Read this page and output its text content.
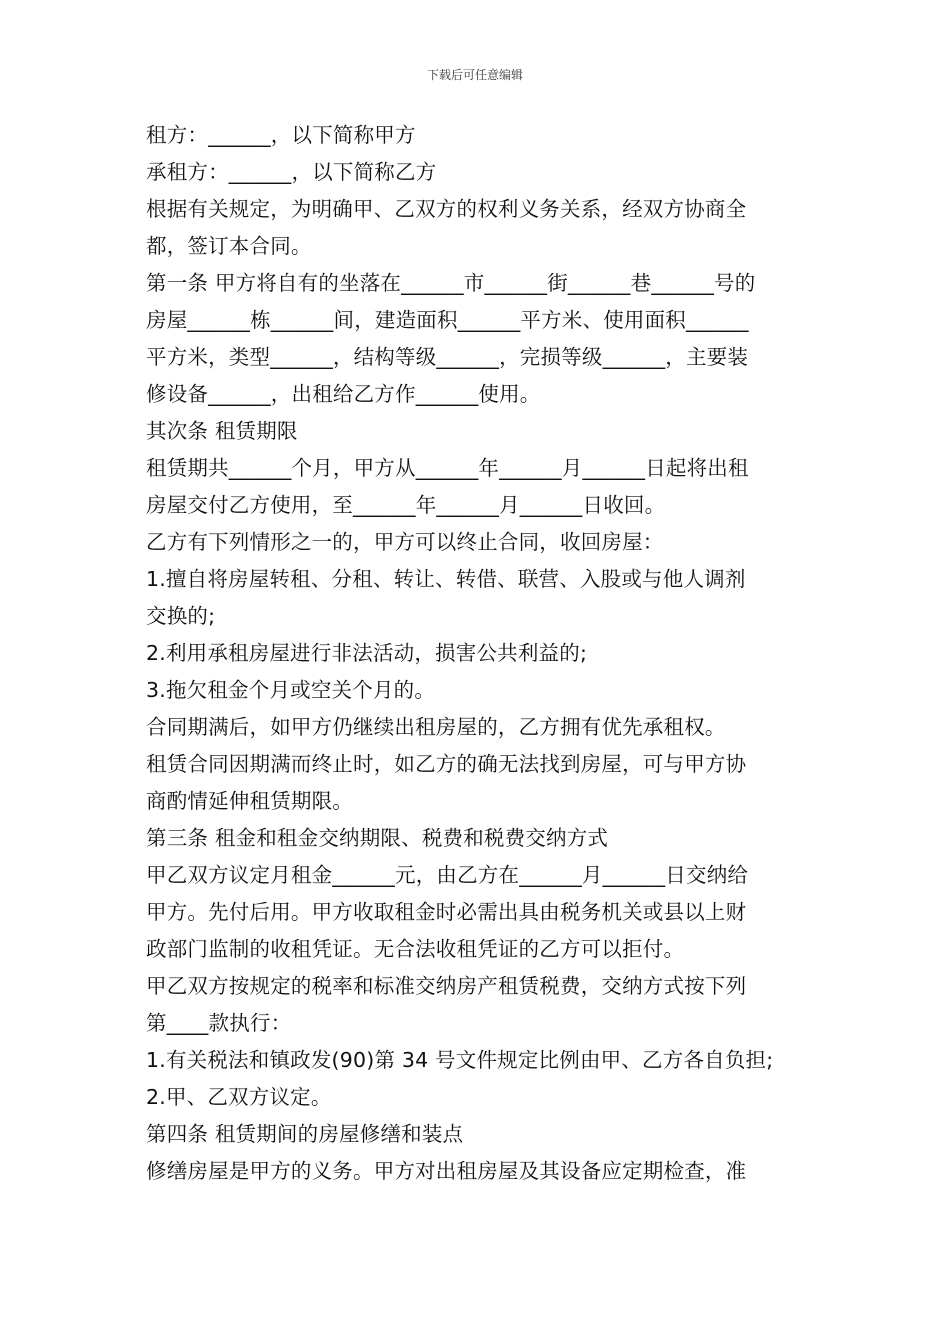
下载后可任意编辑
租方：______，以下简称甲方
承租方：______，以下简称乙方
根据有关规定，为明确甲、乙双方的权利义务关系，经双方协商全
都，签订本合同。
第一条 甲方将自有的坐落在______市______街______巷______号的
房屋______栋______间，建造面积______平方米、使用面积______
平方米，类型______，结构等级______，完损等级______，主要装
修设备______，出租给乙方作______使用。
其次条 租赁期限
租赁期共______个月，甲方从______年______月______日起将出租
房屋交付乙方使用，至______年______月______日收回。
乙方有下列情形之一的，甲方可以终止合同，收回房屋：
1.擅自将房屋转租、分租、转让、转借、联营、入股或与他人调剂
交换的;
2.利用承租房屋进行非法活动，损害公共利益的;
3.拖欠租金个月或空关个月的。
合同期满后，如甲方仍继续出租房屋的，乙方拥有优先承租权。
租赁合同因期满而终止时，如乙方的确无法找到房屋，可与甲方协
商酌情延伸租赁期限。
第三条 租金和租金交纳期限、税费和税费交纳方式
甲乙双方议定月租金______元，由乙方在______月______日交纳给
甲方。先付后用。甲方收取租金时必需出具由税务机关或县以上财
政部门监制的收租凭证。无合法收租凭证的乙方可以拒付。
甲乙双方按规定的税率和标准交纳房产租赁税费，交纳方式按下列
第____款执行：
1.有关税法和镇政发(90)第 34 号文件规定比例由甲、乙方各自负担;
2.甲、乙双方议定。
第四条 租赁期间的房屋修缮和装点
修缮房屋是甲方的义务。甲方对出租房屋及其设备应定期检查，准
